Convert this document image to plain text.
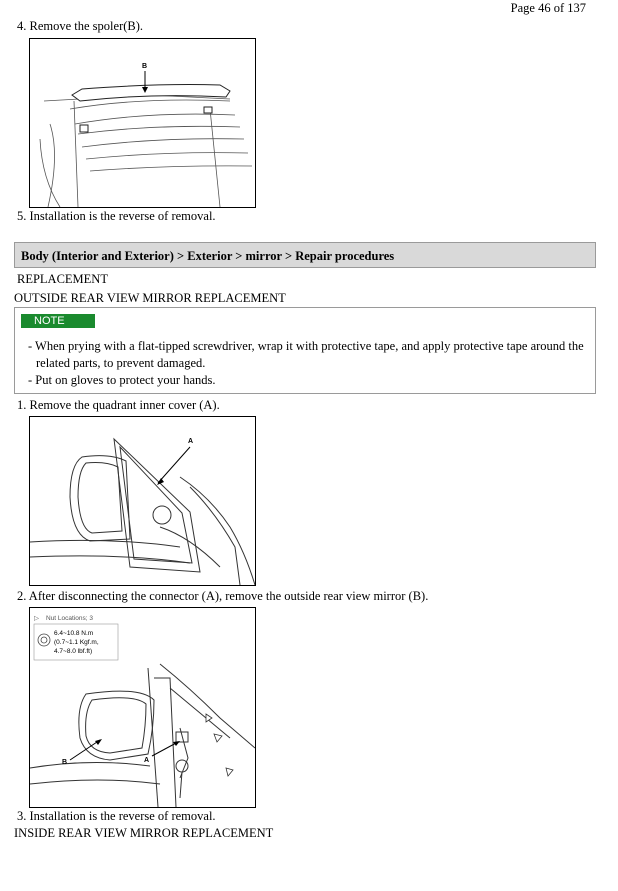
Page 46 of 137
4. Remove the spoler(B).
B
5. Installation is the reverse of removal.
Body (Interior and Exterior) > Exterior > mirror > Repair procedures
REPLACEMENT
OUTSIDE REAR VIEW MIRROR REPLACEMENT
NOTE
- When prying with a flat-tipped screwdriver, wrap it with protective tape, and apply protective tape around the
related parts, to prevent damaged.
- Put on gloves to protect your hands.
1. Remove the quadrant inner cover (A).
A
2. After disconnecting the connector (A), remove the outside rear view mirror (B).
▷ Nut Locations; 3
6.4~10.8 N.m
(0.7~1.1 Kgf.m,
4.7~8.0 lbf.ft)
B	A
3. Installation is the reverse of removal.
INSIDE REAR VIEW MIRROR REPLACEMENT
